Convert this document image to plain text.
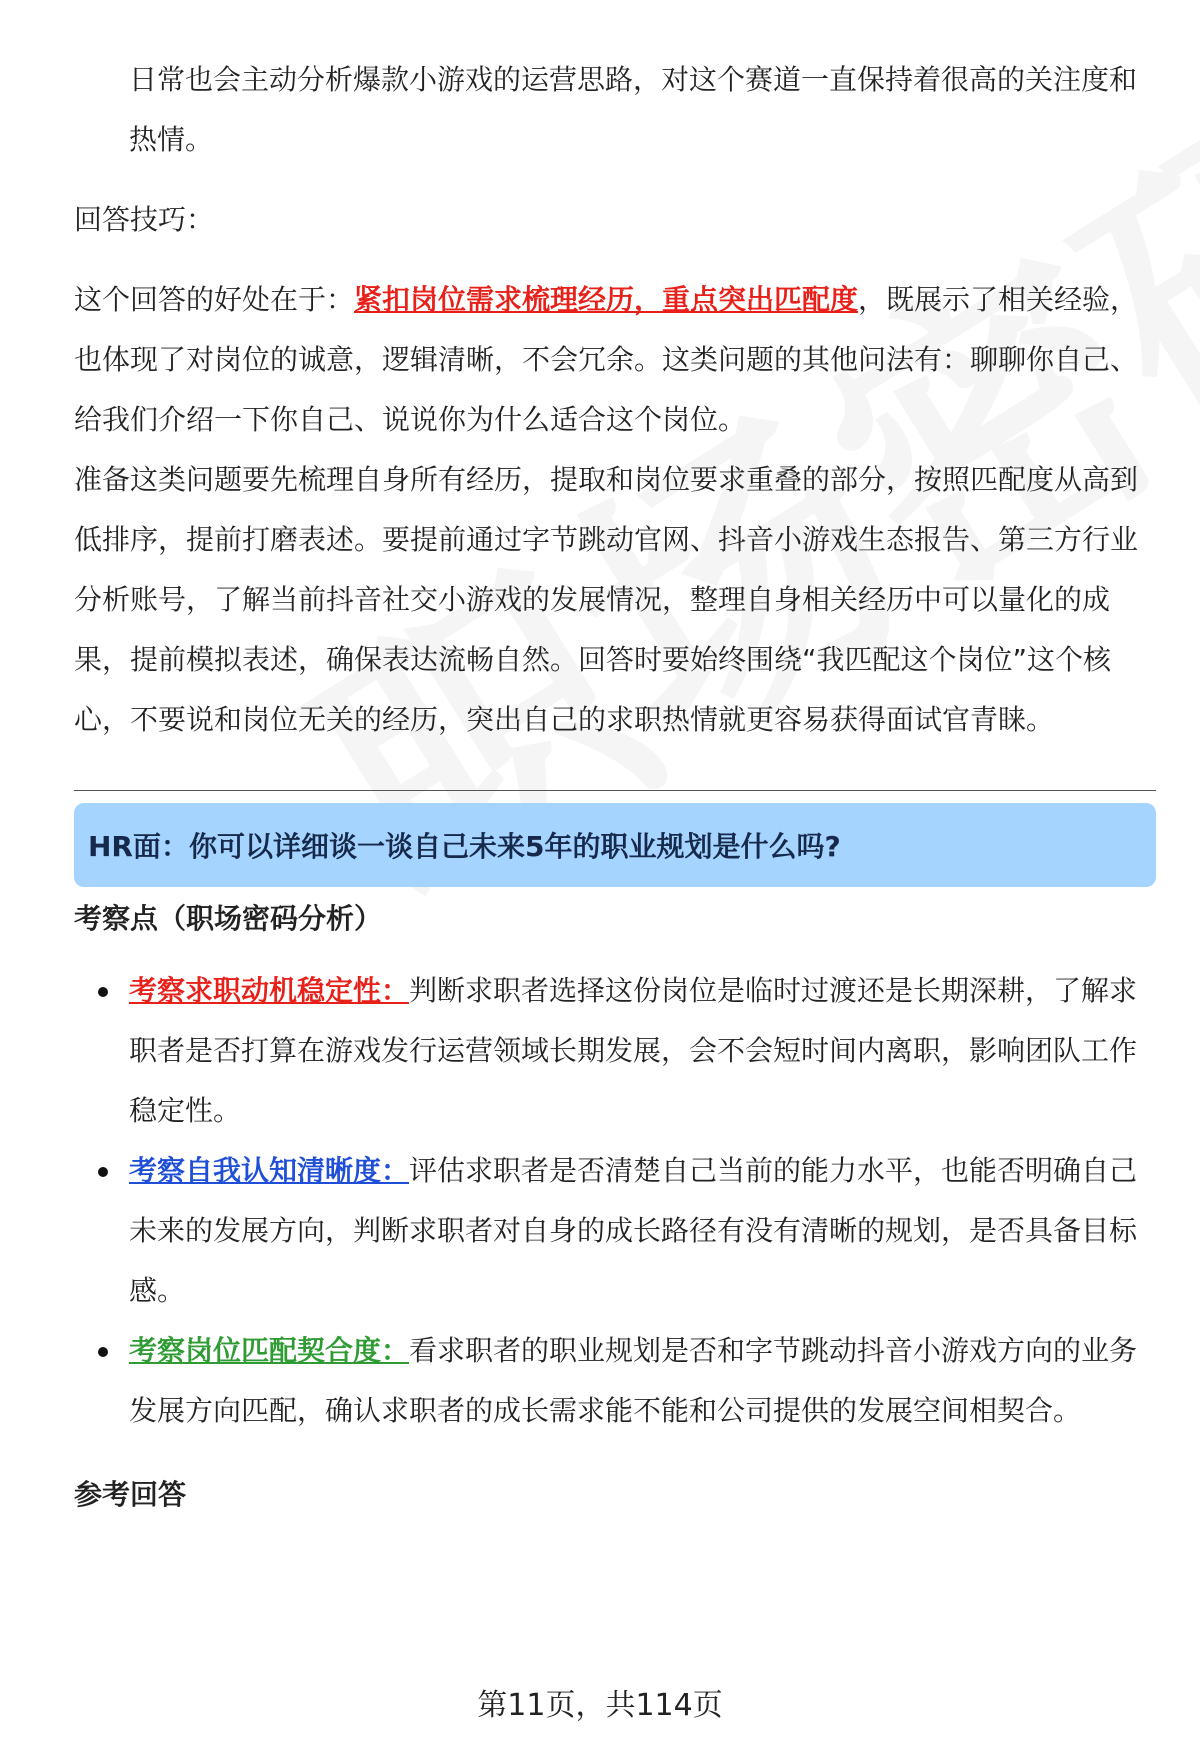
日常也会主动分析爆款小游戏的运营思路，对这个赛道一直保持着很高的关注度和热情。

回答技巧：

这个回答的好处在于：紧扣岗位需求梳理经历，重点突出匹配度，既展示了相关经验，也体现了对岗位的诚意，逻辑清晰，不会冗余。这类问题的其他问法有：聊聊你自己、给我们介绍一下你自己、说说你为什么适合这个岗位。

准备这类问题要先梳理自身所有经历，提取和岗位要求重叠的部分，按照匹配度从高到低排序，提前打磨表述。要提前通过字节跳动官网、抖音小游戏生态报告、第三方行业分析账号，了解当前抖音社交小游戏的发展情况，整理自身相关经历中可以量化的成果，提前模拟表述，确保表达流畅自然。回答时要始终围绕“我匹配这个岗位”这个核心，不要说和岗位无关的经历，突出自己的求职热情就更容易获得面试官青睐。

HR面：你可以详细谈一谈自己未来5年的职业规划是什么吗?
考察点（职场密码分析）
考察求职动机稳定性：判断求职者选择这份岗位是临时过渡还是长期深耕，了解求职者是否打算在游戏发行运营领域长期发展，会不会短时间内离职，影响团队工作稳定性。
考察自我认知清晰度：评估求职者是否清楚自己当前的能力水平，也能否明确自己未来的发展方向，判断求职者对自身的成长路径有没有清晰的规划，是否具备目标感。
考察岗位匹配契合度：看求职者的职业规划是否和字节跳动抖音小游戏方向的业务发展方向匹配，确认求职者的成长需求能不能和公司提供的发展空间相契合。
参考回答
第11页，共114页
